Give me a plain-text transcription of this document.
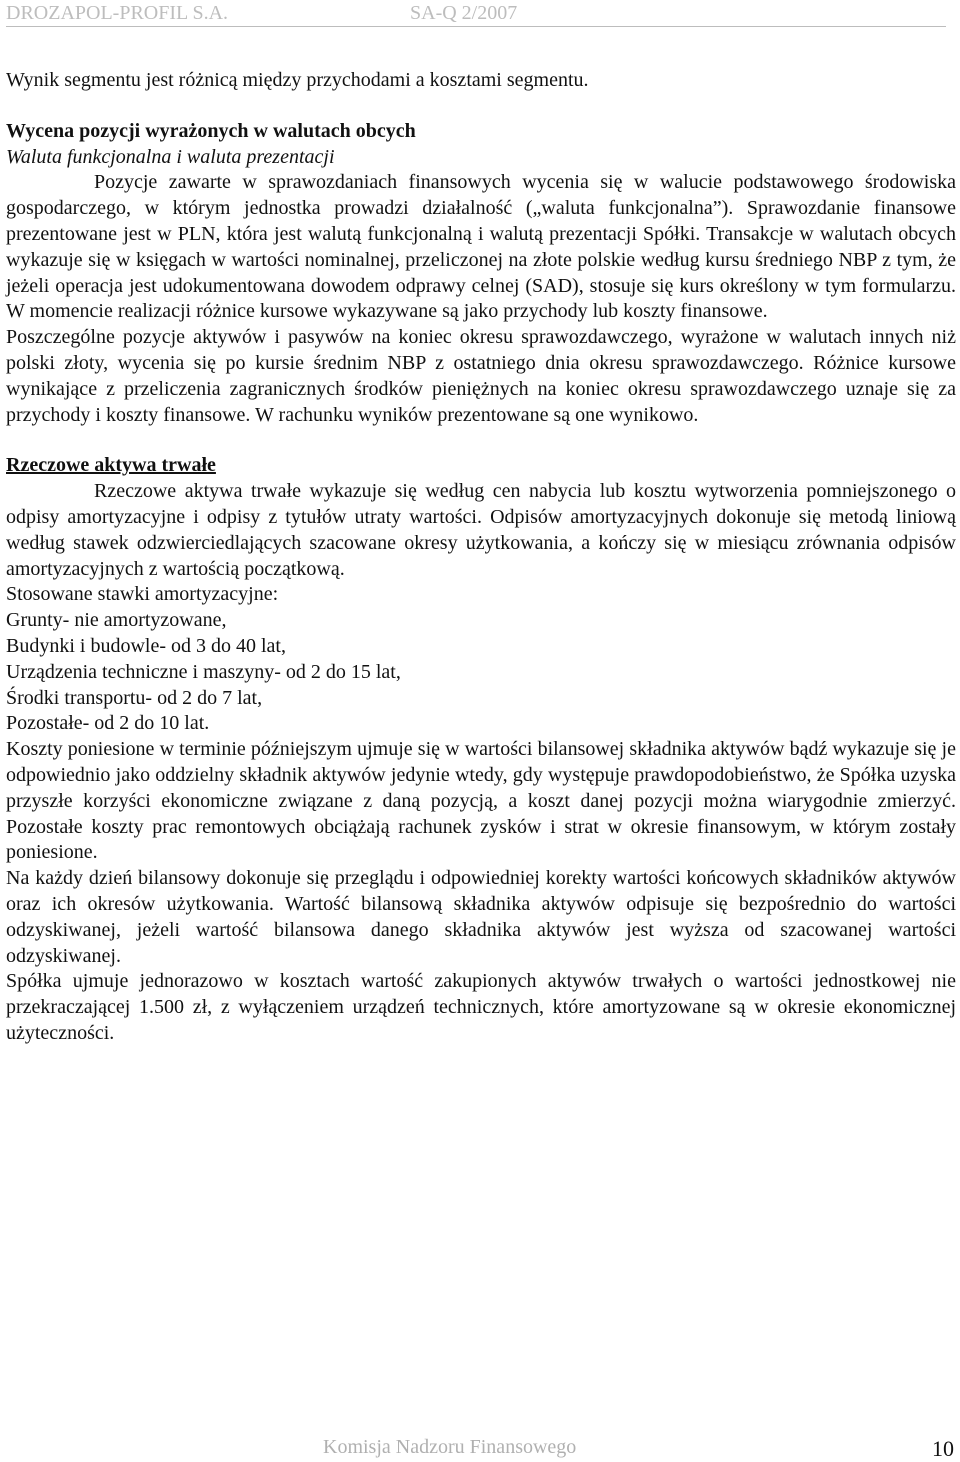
DROZAPOL-PROFIL S.A.	SA-Q 2/2007

Wynik segmentu jest różnicą między przychodami a kosztami segmentu.

Wycena pozycji wyrażonych w walutach obcych

Waluta funkcjonalna i waluta prezentacji

Pozycje zawarte w sprawozdaniach finansowych wycenia się w walucie podstawowego środowiska gospodarczego, w którym jednostka prowadzi działalność („waluta funkcjonalna”). Sprawozdanie finansowe prezentowane jest w PLN, która jest walutą funkcjonalną i walutą prezentacji Spółki. Transakcje w walutach obcych wykazuje się w księgach w wartości nominalnej, przeliczonej na złote polskie według kursu średniego NBP z tym, że jeżeli operacja jest udokumentowana dowodem odprawy celnej (SAD), stosuje się kurs określony w tym formularzu. W momencie realizacji różnice kursowe wykazywane są jako przychody lub koszty finansowe.

Poszczególne pozycje aktywów i pasywów na koniec okresu sprawozdawczego, wyrażone w walutach innych niż polski złoty, wycenia się po kursie średnim NBP z ostatniego dnia okresu sprawozdawczego. Różnice kursowe wynikające z przeliczenia zagranicznych środków pieniężnych na koniec okresu sprawozdawczego uznaje się za przychody i koszty finansowe. W rachunku wyników prezentowane są one wynikowo.

Rzeczowe aktywa trwałe

Rzeczowe aktywa trwałe wykazuje się według cen nabycia lub kosztu wytworzenia pomniejszonego o odpisy amortyzacyjne i odpisy z tytułów utraty wartości. Odpisów amortyzacyjnych dokonuje się metodą liniową według stawek odzwierciedlających szacowane okresy użytkowania, a kończy się w miesiącu zrównania odpisów amortyzacyjnych z wartością początkową.

Stosowane stawki amortyzacyjne:

Grunty- nie amortyzowane,

Budynki i budowle- od 3 do 40 lat,

Urządzenia techniczne i maszyny- od 2 do 15 lat,

Środki transportu- od 2 do 7 lat,

Pozostałe- od 2 do 10 lat.

Koszty poniesione w terminie późniejszym ujmuje się w wartości bilansowej składnika aktywów bądź wykazuje się je odpowiednio jako oddzielny składnik aktywów jedynie wtedy, gdy występuje prawdopodobieństwo, że Spółka uzyska przyszłe korzyści ekonomiczne związane z daną pozycją, a koszt danej pozycji można wiarygodnie zmierzyć. Pozostałe koszty prac remontowych obciążają rachunek zysków i strat w okresie finansowym, w którym zostały poniesione.

Na każdy dzień bilansowy dokonuje się przeglądu i odpowiedniej korekty wartości końcowych składników aktywów oraz ich okresów użytkowania. Wartość bilansową składnika aktywów odpisuje się bezpośrednio do wartości odzyskiwanej, jeżeli wartość bilansowa danego składnika aktywów jest wyższa od szacowanej wartości odzyskiwanej.

Spółka ujmuje jednorazowo w kosztach wartość zakupionych aktywów trwałych o wartości jednostkowej nie przekraczającej 1.500 zł, z wyłączeniem urządzeń technicznych, które amortyzowane są w okresie ekonomicznej użyteczności.

Komisja Nadzoru Finansowego	10
